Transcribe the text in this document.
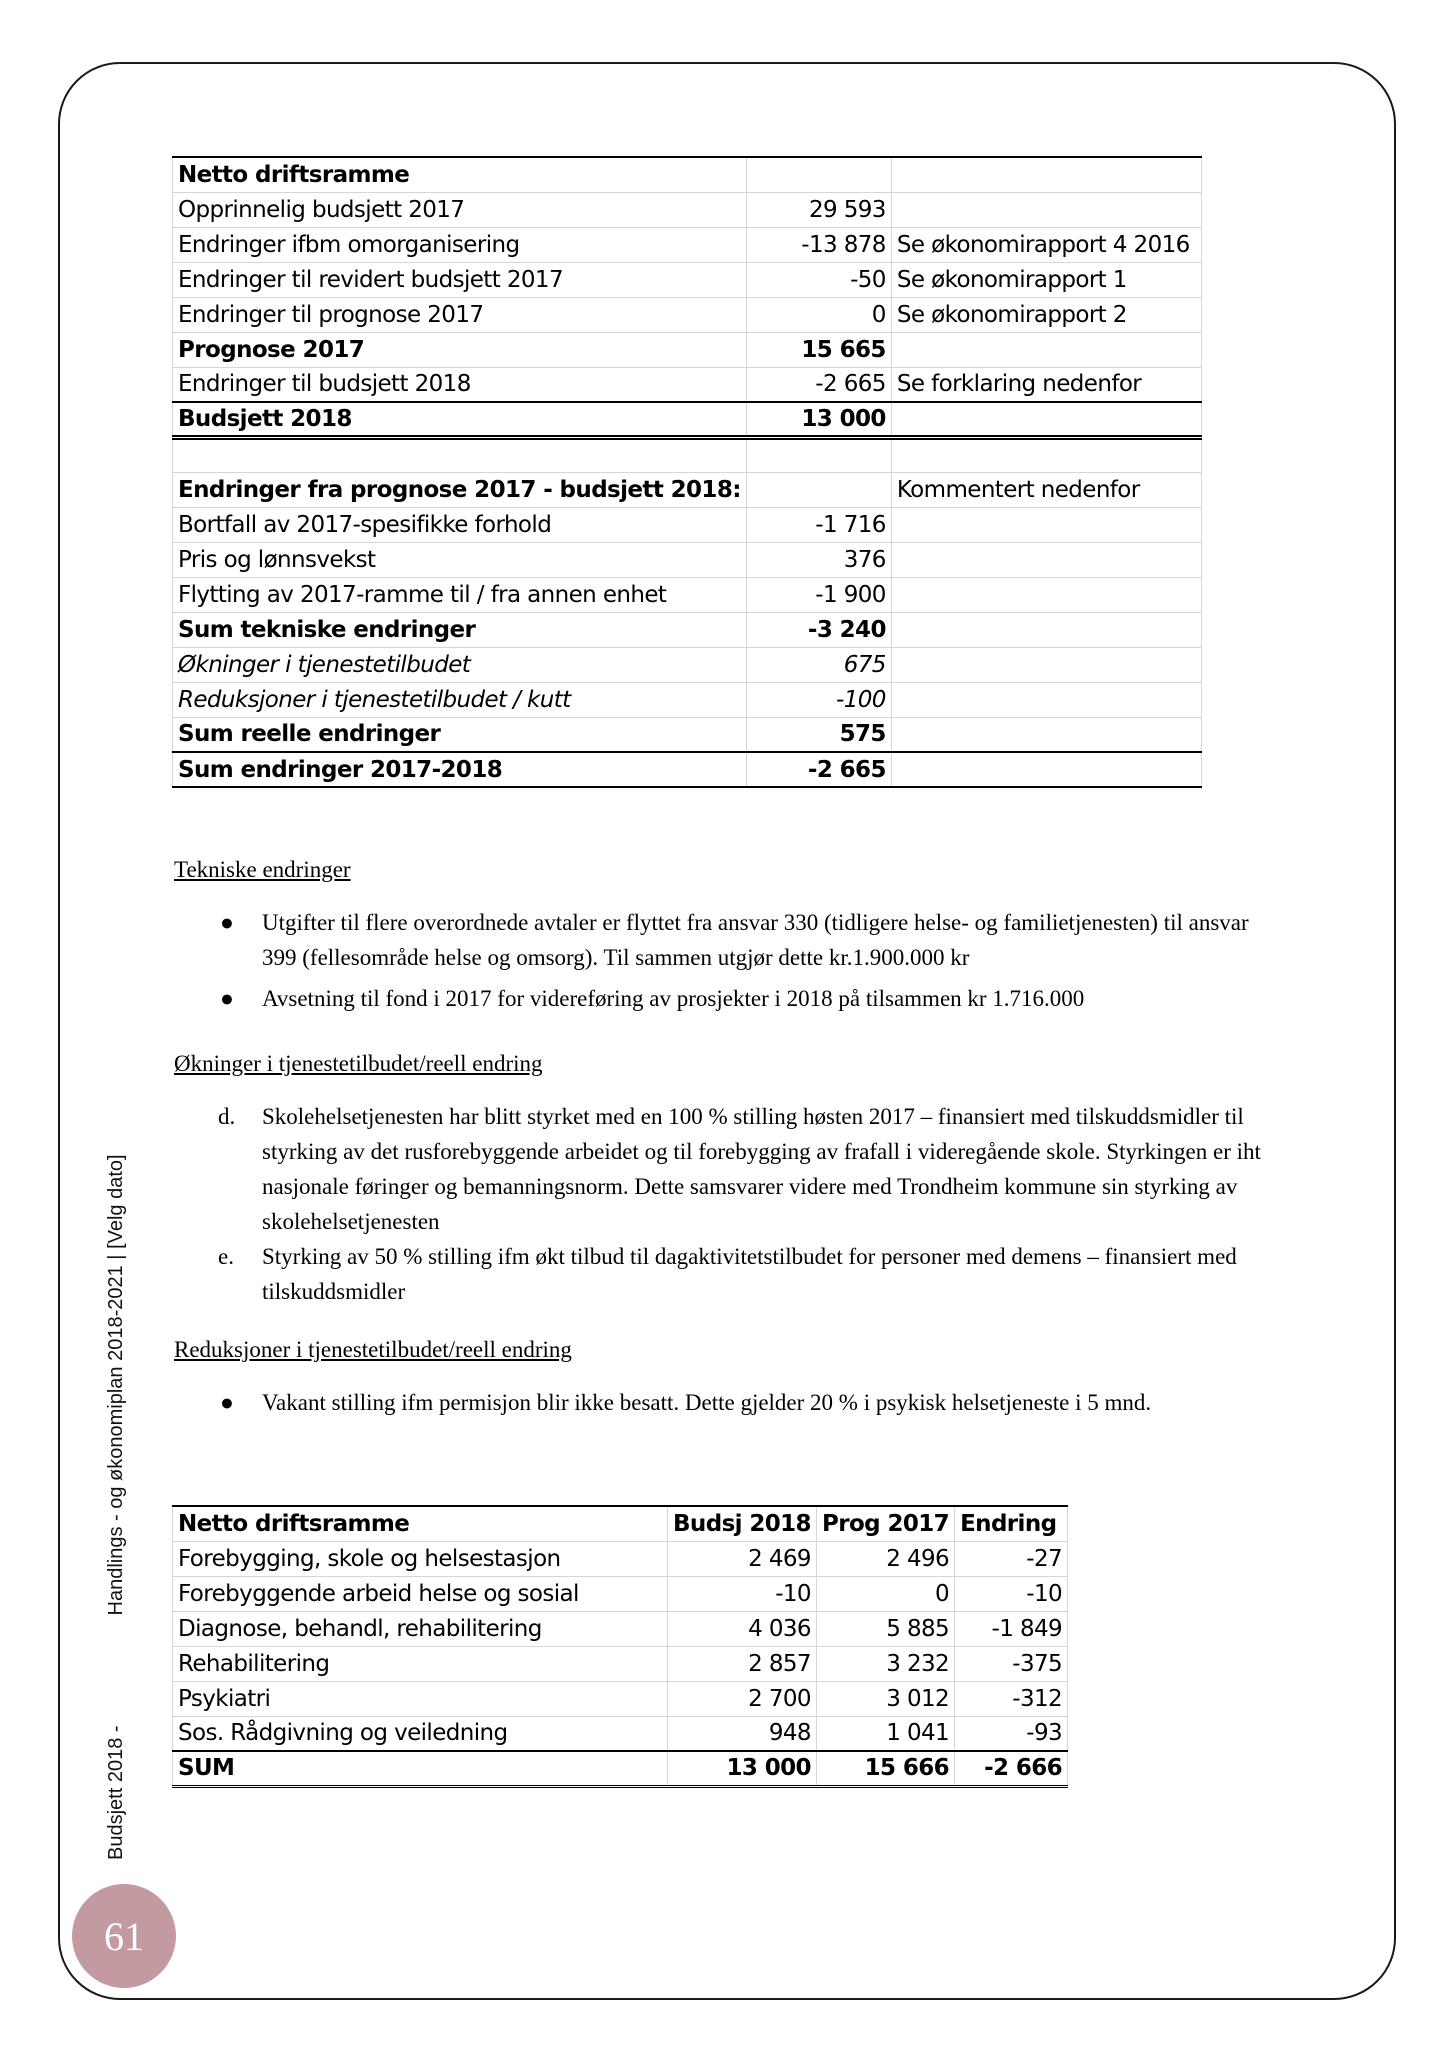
Budsjett 2018 -Handlings - og økonomiplan 2018-2021 | [Velg dato]
61
Netto driftsramme		
Opprinnelig budsjett 2017	29 593	
Endringer ifbm omorganisering	-13 878	Se økonomirapport 4 2016
Endringer til revidert budsjett 2017	-50	Se økonomirapport 1
Endringer til prognose 2017	0	Se økonomirapport 2
Prognose 2017	15 665	
Endringer til budsjett 2018	-2 665	Se forklaring nedenfor
Budsjett 2018	13 000	

Endringer fra prognose 2017 - budsjett 2018:		Kommentert nedenfor
Bortfall av 2017-spesifikke forhold	-1 716	
Pris og lønnsvekst	376	
Flytting av 2017-ramme til / fra annen enhet	-1 900	
Sum tekniske endringer	-3 240	
Økninger i tjenestetilbudet	675	
Reduksjoner i tjenestetilbudet / kutt	-100	
Sum reelle endringer	575	
Sum endringer 2017-2018	-2 665	
Tekniske endringer
● Utgifter til flere overordnede avtaler er flyttet fra ansvar 330 (tidligere helse- og familietjenesten) til ansvar 399 (fellesområde helse og omsorg). Til sammen utgjør dette kr.1.900.000 kr
● Avsetning til fond i 2017 for videreføring av prosjekter i 2018 på tilsammen kr 1.716.000
Økninger i tjenestetilbudet/reell endring
d. Skolehelsetjenesten har blitt styrket med en 100 % stilling høsten 2017 – finansiert med tilskuddsmidler til styrking av det rusforebyggende arbeidet og til forebygging av frafall i videregående skole. Styrkingen er iht nasjonale føringer og bemanningsnorm. Dette samsvarer videre med Trondheim kommune sin styrking av skolehelsetjenesten
e. Styrking av 50 % stilling ifm økt tilbud til dagaktivitetstilbudet for personer med demens – finansiert med tilskuddsmidler
Reduksjoner i tjenestetilbudet/reell endring
● Vakant stilling ifm permisjon blir ikke besatt. Dette gjelder 20 % i psykisk helsetjeneste i 5 mnd.
Netto driftsramme	Budsj 2018	Prog 2017	Endring
Forebygging, skole og helsestasjon	2 469	2 496	-27
Forebyggende arbeid helse og sosial	-10	0	-10
Diagnose, behandl, rehabilitering	4 036	5 885	-1 849
Rehabilitering	2 857	3 232	-375
Psykiatri	2 700	3 012	-312
Sos. Rådgivning og veiledning	948	1 041	-93
SUM	13 000	15 666	-2 666
